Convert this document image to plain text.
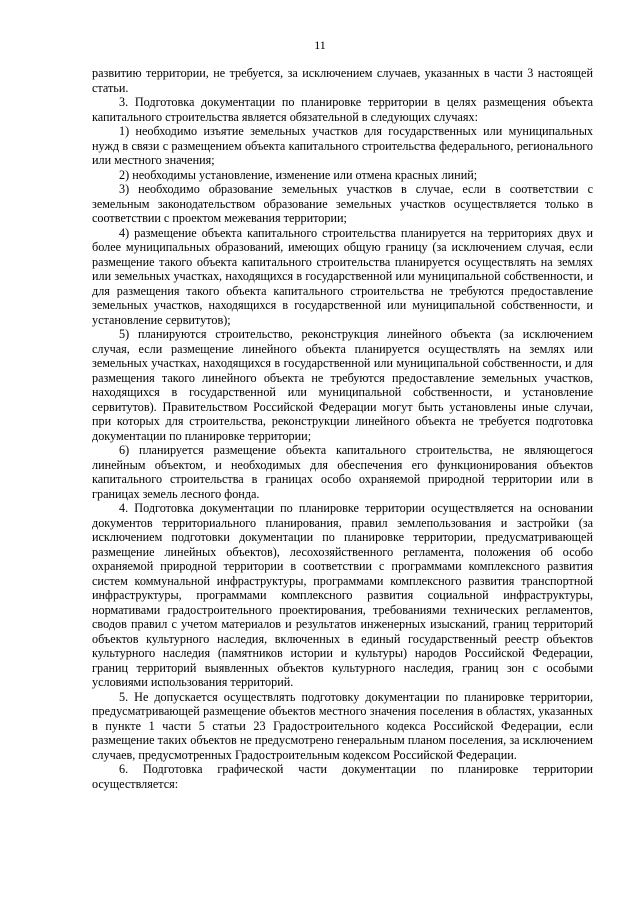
11

развитию территории, не требуется, за исключением случаев, указанных в части 3 настоящей статьи.

3. Подготовка документации по планировке территории в целях размещения объекта капитального строительства является обязательной в следующих случаях:

1) необходимо изъятие земельных участков для государственных или муниципальных нужд в связи с размещением объекта капитального строительства федерального, регионального или местного значения;

2) необходимы установление, изменение или отмена красных линий;

3) необходимо образование земельных участков в случае, если в соответствии с земельным законодательством образование земельных участков осуществляется только в соответствии с проектом межевания территории;

4) размещение объекта капитального строительства планируется на территориях двух и более муниципальных образований, имеющих общую границу (за исключением случая, если размещение такого объекта капитального строительства планируется осуществлять на землях или земельных участках, находящихся в государственной или муниципальной собственности, и для размещения такого объекта капитального строительства не требуются предоставление земельных участков, находящихся в государственной или муниципальной собственности, и установление сервитутов);

5) планируются строительство, реконструкция линейного объекта (за исключением случая, если размещение линейного объекта планируется осуществлять на землях или земельных участках, находящихся в государственной или муниципальной собственности, и для размещения такого линейного объекта не требуются предоставление земельных участков, находящихся в государственной или муниципальной собственности, и установление сервитутов). Правительством Российской Федерации могут быть установлены иные случаи, при которых для строительства, реконструкции линейного объекта не требуется подготовка документации по планировке территории;

6) планируется размещение объекта капитального строительства, не являющегося линейным объектом, и необходимых для обеспечения его функционирования объектов капитального строительства в границах особо охраняемой природной территории или в границах земель лесного фонда.

4. Подготовка документации по планировке территории осуществляется на основании документов территориального планирования, правил землепользования и застройки (за исключением подготовки документации по планировке территории, предусматривающей размещение линейных объектов), лесохозяйственного регламента, положения об особо охраняемой природной территории в соответствии с программами комплексного развития систем коммунальной инфраструктуры, программами комплексного развития транспортной инфраструктуры, программами комплексного развития социальной инфраструктуры, нормативами градостроительного проектирования, требованиями технических регламентов, сводов правил с учетом материалов и результатов инженерных изысканий, границ территорий объектов культурного наследия, включенных в единый государственный реестр объектов культурного наследия (памятников истории и культуры) народов Российской Федерации, границ территорий выявленных объектов культурного наследия, границ зон с особыми условиями использования территорий.

5. Не допускается осуществлять подготовку документации по планировке территории, предусматривающей размещение объектов местного значения поселения в областях, указанных в пункте 1 части 5 статьи 23 Градостроительного кодекса Российской Федерации, если размещение таких объектов не предусмотрено генеральным планом поселения, за исключением случаев, предусмотренных Градостроительным кодексом Российской Федерации.

6. Подготовка графической части документации по планировке территории осуществляется:
